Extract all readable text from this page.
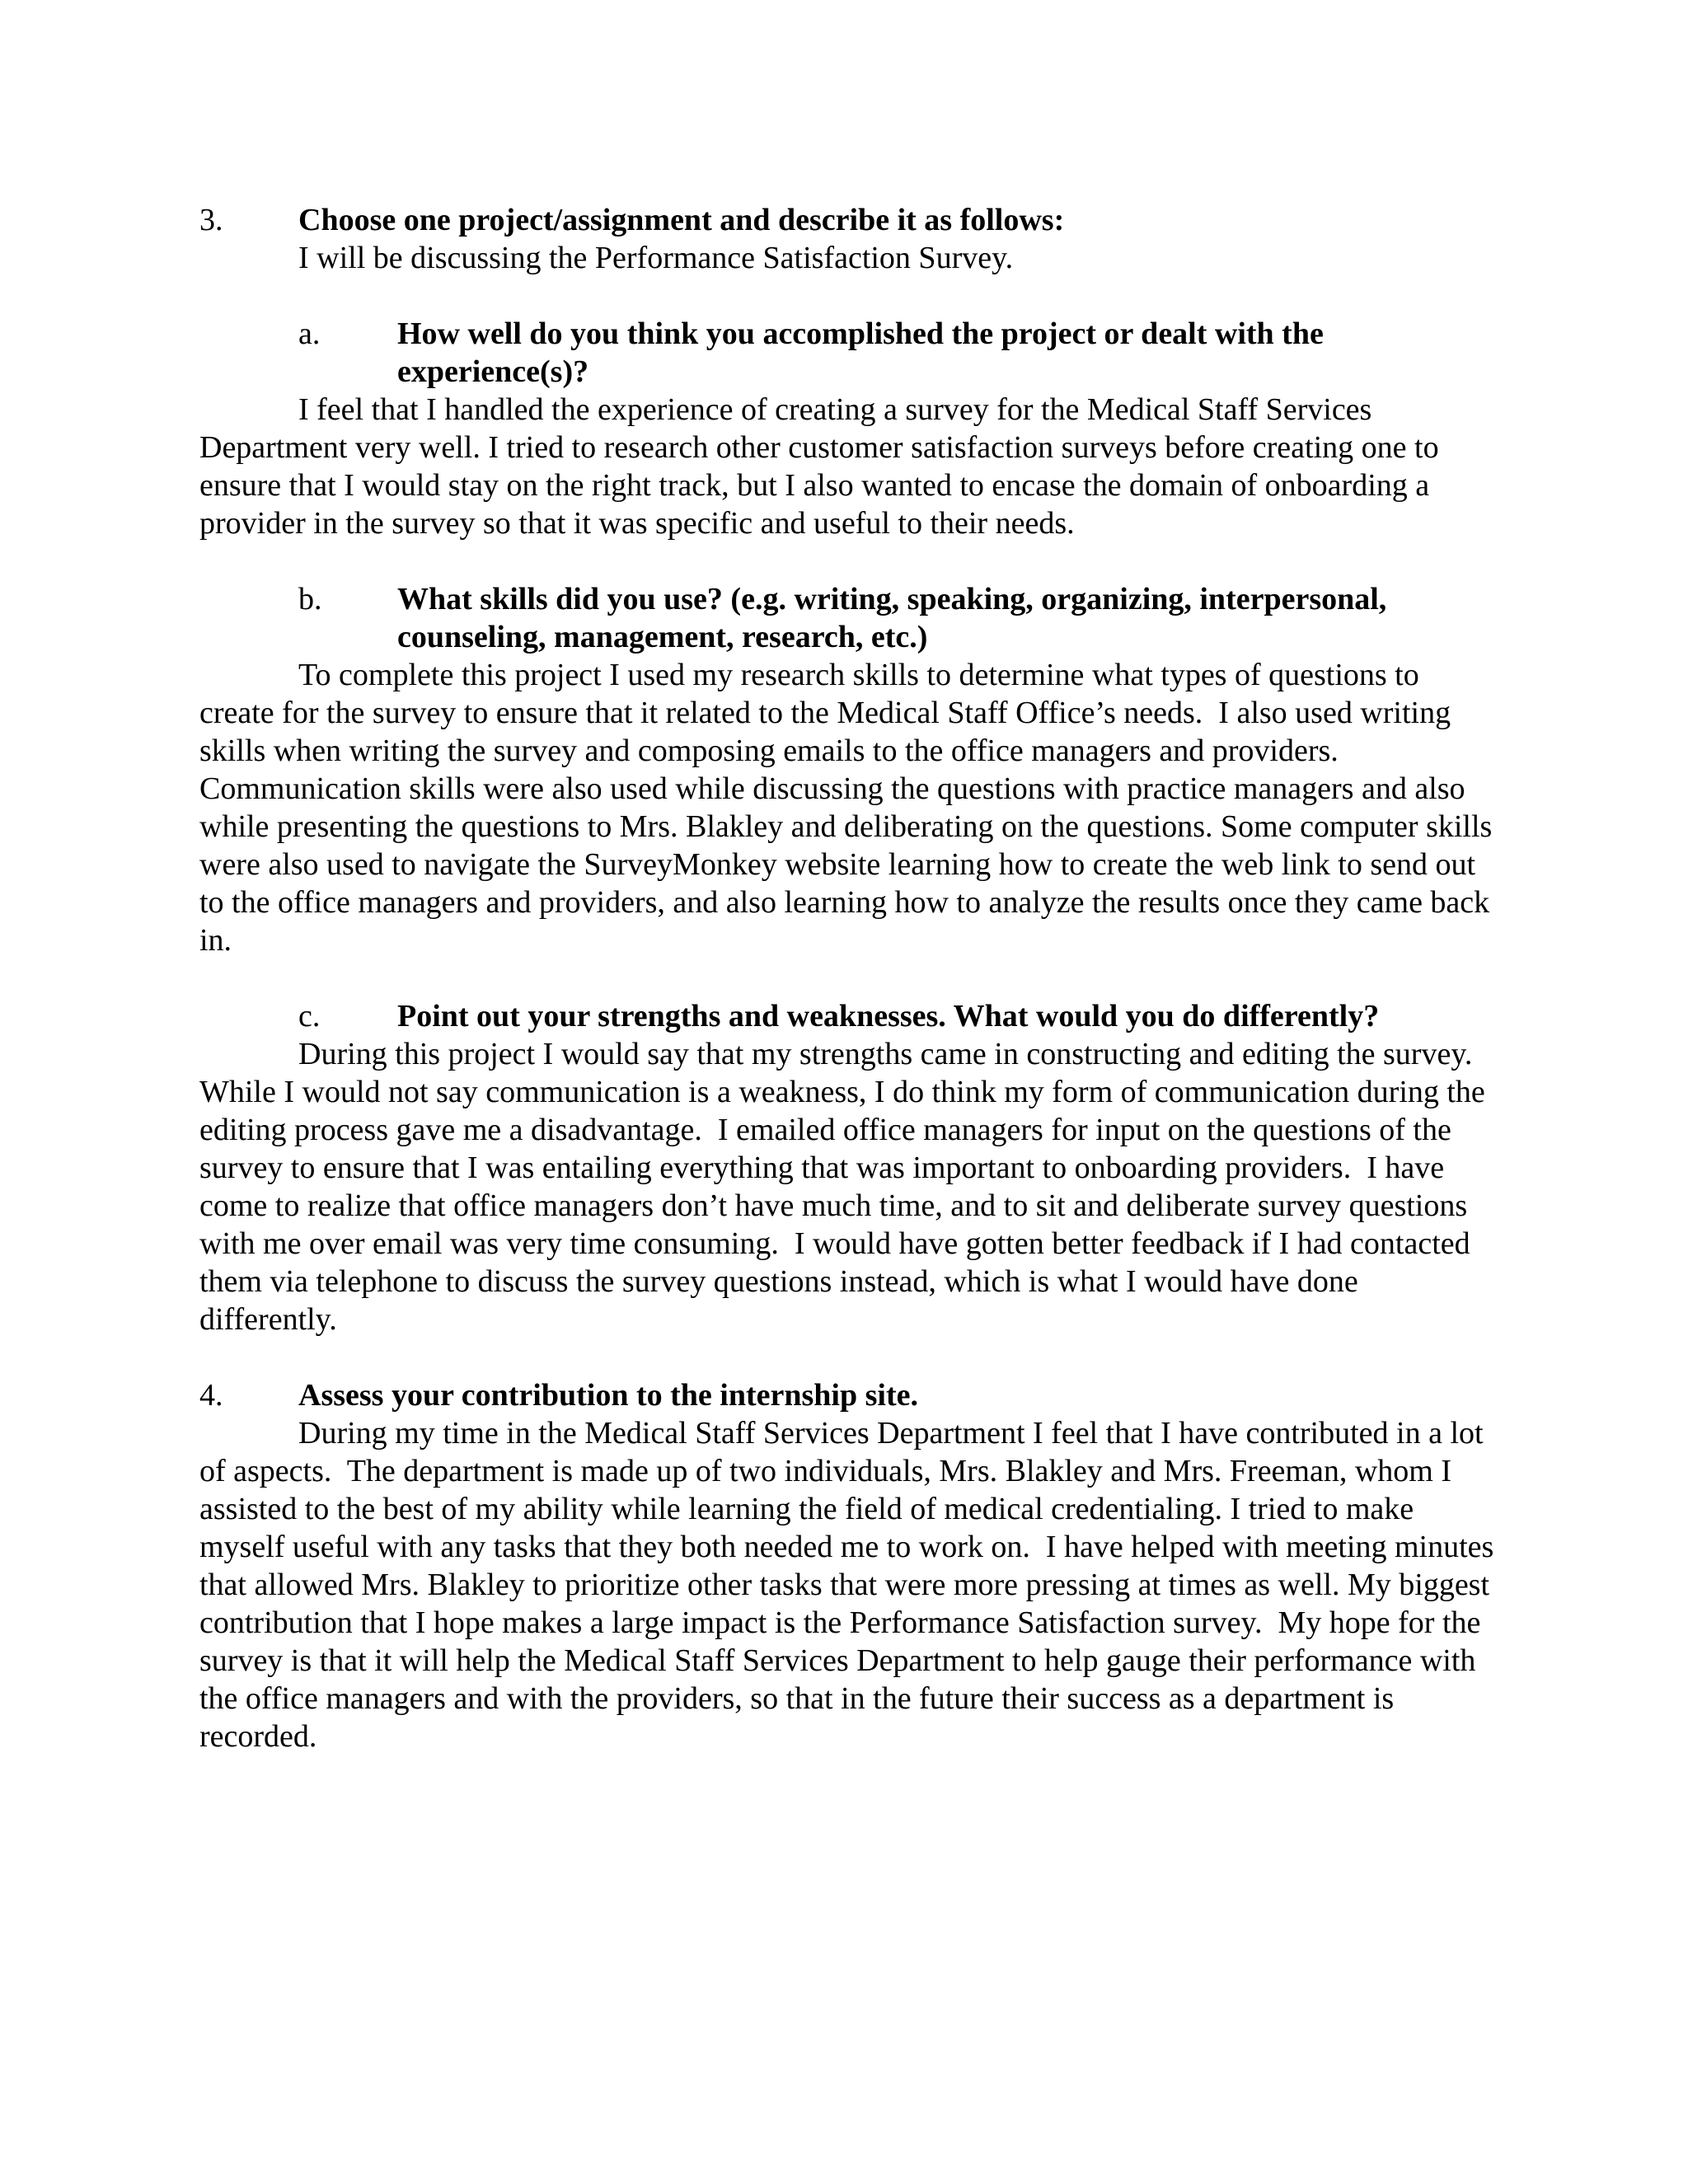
3. Choose one project/assignment and describe it as follows:
I will be discussing the Performance Satisfaction Survey.
a. How well do you think you accomplished the project or dealt with the experience(s)?

I feel that I handled the experience of creating a survey for the Medical Staff Services Department very well. I tried to research other customer satisfaction surveys before creating one to ensure that I would stay on the right track, but I also wanted to encase the domain of onboarding a provider in the survey so that it was specific and useful to their needs.

b. What skills did you use? (e.g. writing, speaking, organizing, interpersonal, counseling, management, research, etc.)

To complete this project I used my research skills to determine what types of questions to create for the survey to ensure that it related to the Medical Staff Office’s needs.  I also used writing skills when writing the survey and composing emails to the office managers and providers. Communication skills were also used while discussing the questions with practice managers and also while presenting the questions to Mrs. Blakley and deliberating on the questions. Some computer skills were also used to navigate the SurveyMonkey website learning how to create the web link to send out to the office managers and providers, and also learning how to analyze the results once they came back in.

c. Point out your strengths and weaknesses. What would you do differently?

During this project I would say that my strengths came in constructing and editing the survey.  While I would not say communication is a weakness, I do think my form of communication during the editing process gave me a disadvantage.  I emailed office managers for input on the questions of the survey to ensure that I was entailing everything that was important to onboarding providers.  I have come to realize that office managers don’t have much time, and to sit and deliberate survey questions with me over email was very time consuming.  I would have gotten better feedback if I had contacted them via telephone to discuss the survey questions instead, which is what I would have done differently.

4. Assess your contribution to the internship site.

During my time in the Medical Staff Services Department I feel that I have contributed in a lot of aspects.  The department is made up of two individuals, Mrs. Blakley and Mrs. Freeman, whom I assisted to the best of my ability while learning the field of medical credentialing. I tried to make myself useful with any tasks that they both needed me to work on.  I have helped with meeting minutes that allowed Mrs. Blakley to prioritize other tasks that were more pressing at times as well. My biggest contribution that I hope makes a large impact is the Performance Satisfaction survey.  My hope for the survey is that it will help the Medical Staff Services Department to help gauge their performance with the office managers and with the providers, so that in the future their success as a department is recorded.
